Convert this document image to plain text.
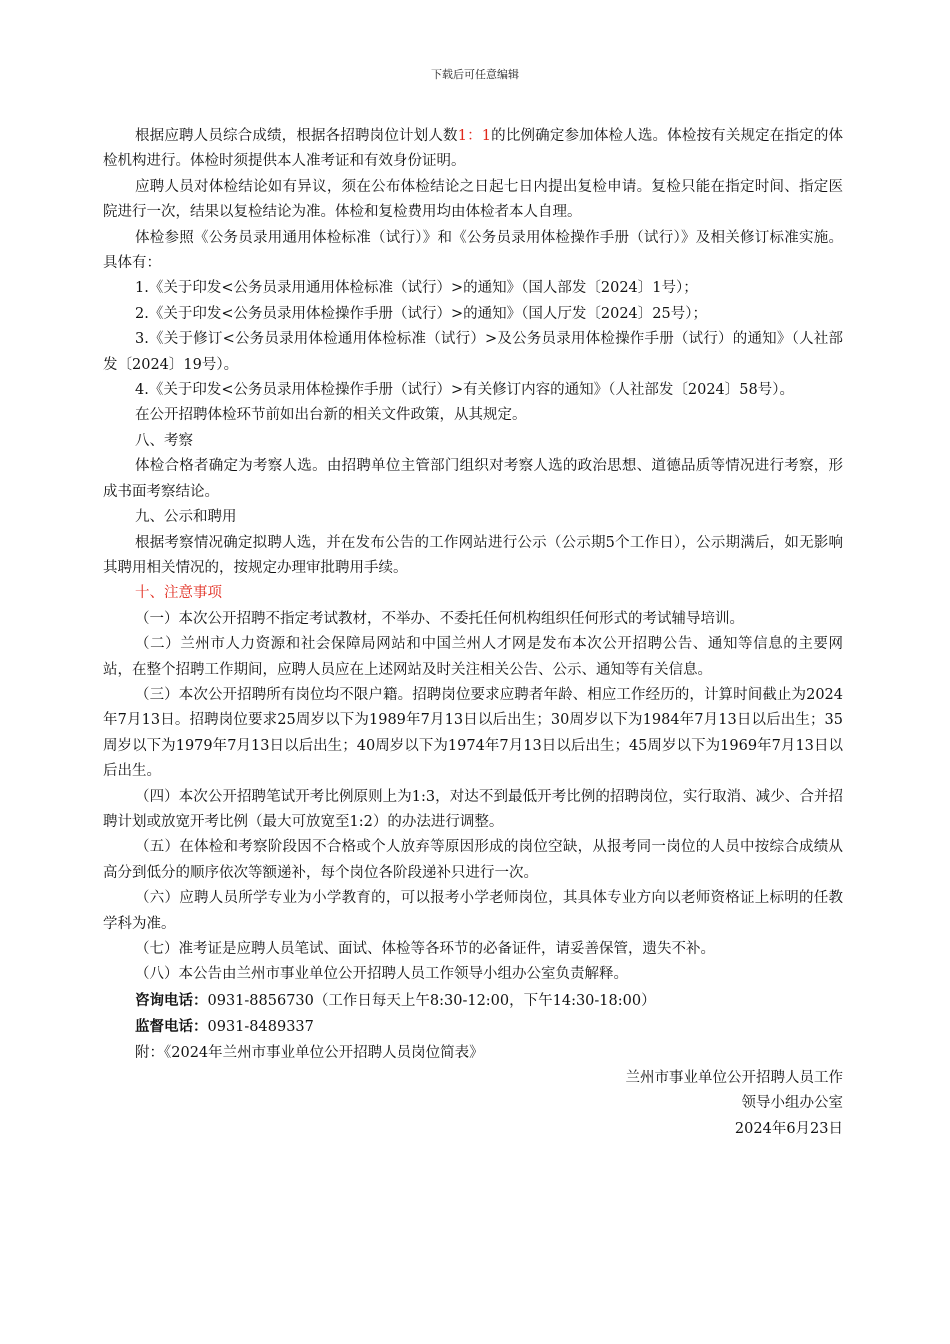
下载后可任意编辑

根据应聘人员综合成绩，根据各招聘岗位计划人数1：1的比例确定参加体检人选。体检按有关规定在指定的体检机构进行。体检时须提供本人准考证和有效身份证明。

应聘人员对体检结论如有异议，须在公布体检结论之日起七日内提出复检申请。复检只能在指定时间、指定医院进行一次，结果以复检结论为准。体检和复检费用均由体检者本人自理。

体检参照《公务员录用通用体检标准（试行）》和《公务员录用体检操作手册（试行）》及相关修订标准实施。具体有：

1.《关于印发<公务员录用通用体检标准（试行）>的通知》（国人部发〔2024〕1号）；

2.《关于印发<公务员录用体检操作手册（试行）>的通知》（国人厅发〔2024〕25号）；

3.《关于修订<公务员录用体检通用体检标准（试行）>及公务员录用体检操作手册（试行）的通知》（人社部发〔2024〕19号）。

4.《关于印发<公务员录用体检操作手册（试行）>有关修订内容的通知》（人社部发〔2024〕58号）。

在公开招聘体检环节前如出台新的相关文件政策，从其规定。

八、考察

体检合格者确定为考察人选。由招聘单位主管部门组织对考察人选的政治思想、道德品质等情况进行考察，形成书面考察结论。

九、公示和聘用

根据考察情况确定拟聘人选，并在发布公告的工作网站进行公示（公示期5个工作日），公示期满后，如无影响其聘用相关情况的，按规定办理审批聘用手续。

十、注意事项

（一）本次公开招聘不指定考试教材，不举办、不委托任何机构组织任何形式的考试辅导培训。

（二）兰州市人力资源和社会保障局网站和中国兰州人才网是发布本次公开招聘公告、通知等信息的主要网站，在整个招聘工作期间，应聘人员应在上述网站及时关注相关公告、公示、通知等有关信息。

（三）本次公开招聘所有岗位均不限户籍。招聘岗位要求应聘者年龄、相应工作经历的，计算时间截止为2024年7月13日。招聘岗位要求25周岁以下为1989年7月13日以后出生；30周岁以下为1984年7月13日以后出生；35周岁以下为1979年7月13日以后出生；40周岁以下为1974年7月13日以后出生；45周岁以下为1969年7月13日以后出生。

（四）本次公开招聘笔试开考比例原则上为1:3，对达不到最低开考比例的招聘岗位，实行取消、减少、合并招聘计划或放宽开考比例（最大可放宽至1:2）的办法进行调整。

（五）在体检和考察阶段因不合格或个人放弃等原因形成的岗位空缺，从报考同一岗位的人员中按综合成绩从高分到低分的顺序依次等额递补，每个岗位各阶段递补只进行一次。

（六）应聘人员所学专业为小学教育的，可以报考小学老师岗位，其具体专业方向以老师资格证上标明的任教学科为准。

（七）准考证是应聘人员笔试、面试、体检等各环节的必备证件，请妥善保管，遗失不补。

（八）本公告由兰州市事业单位公开招聘人员工作领导小组办公室负责解释。

咨询电话：0931-8856730（工作日每天上午8:30-12:00，下午14:30-18:00）

监督电话：0931-8489337

附：《2024年兰州市事业单位公开招聘人员岗位简表》

兰州市事业单位公开招聘人员工作

领导小组办公室

2024年6月23日
